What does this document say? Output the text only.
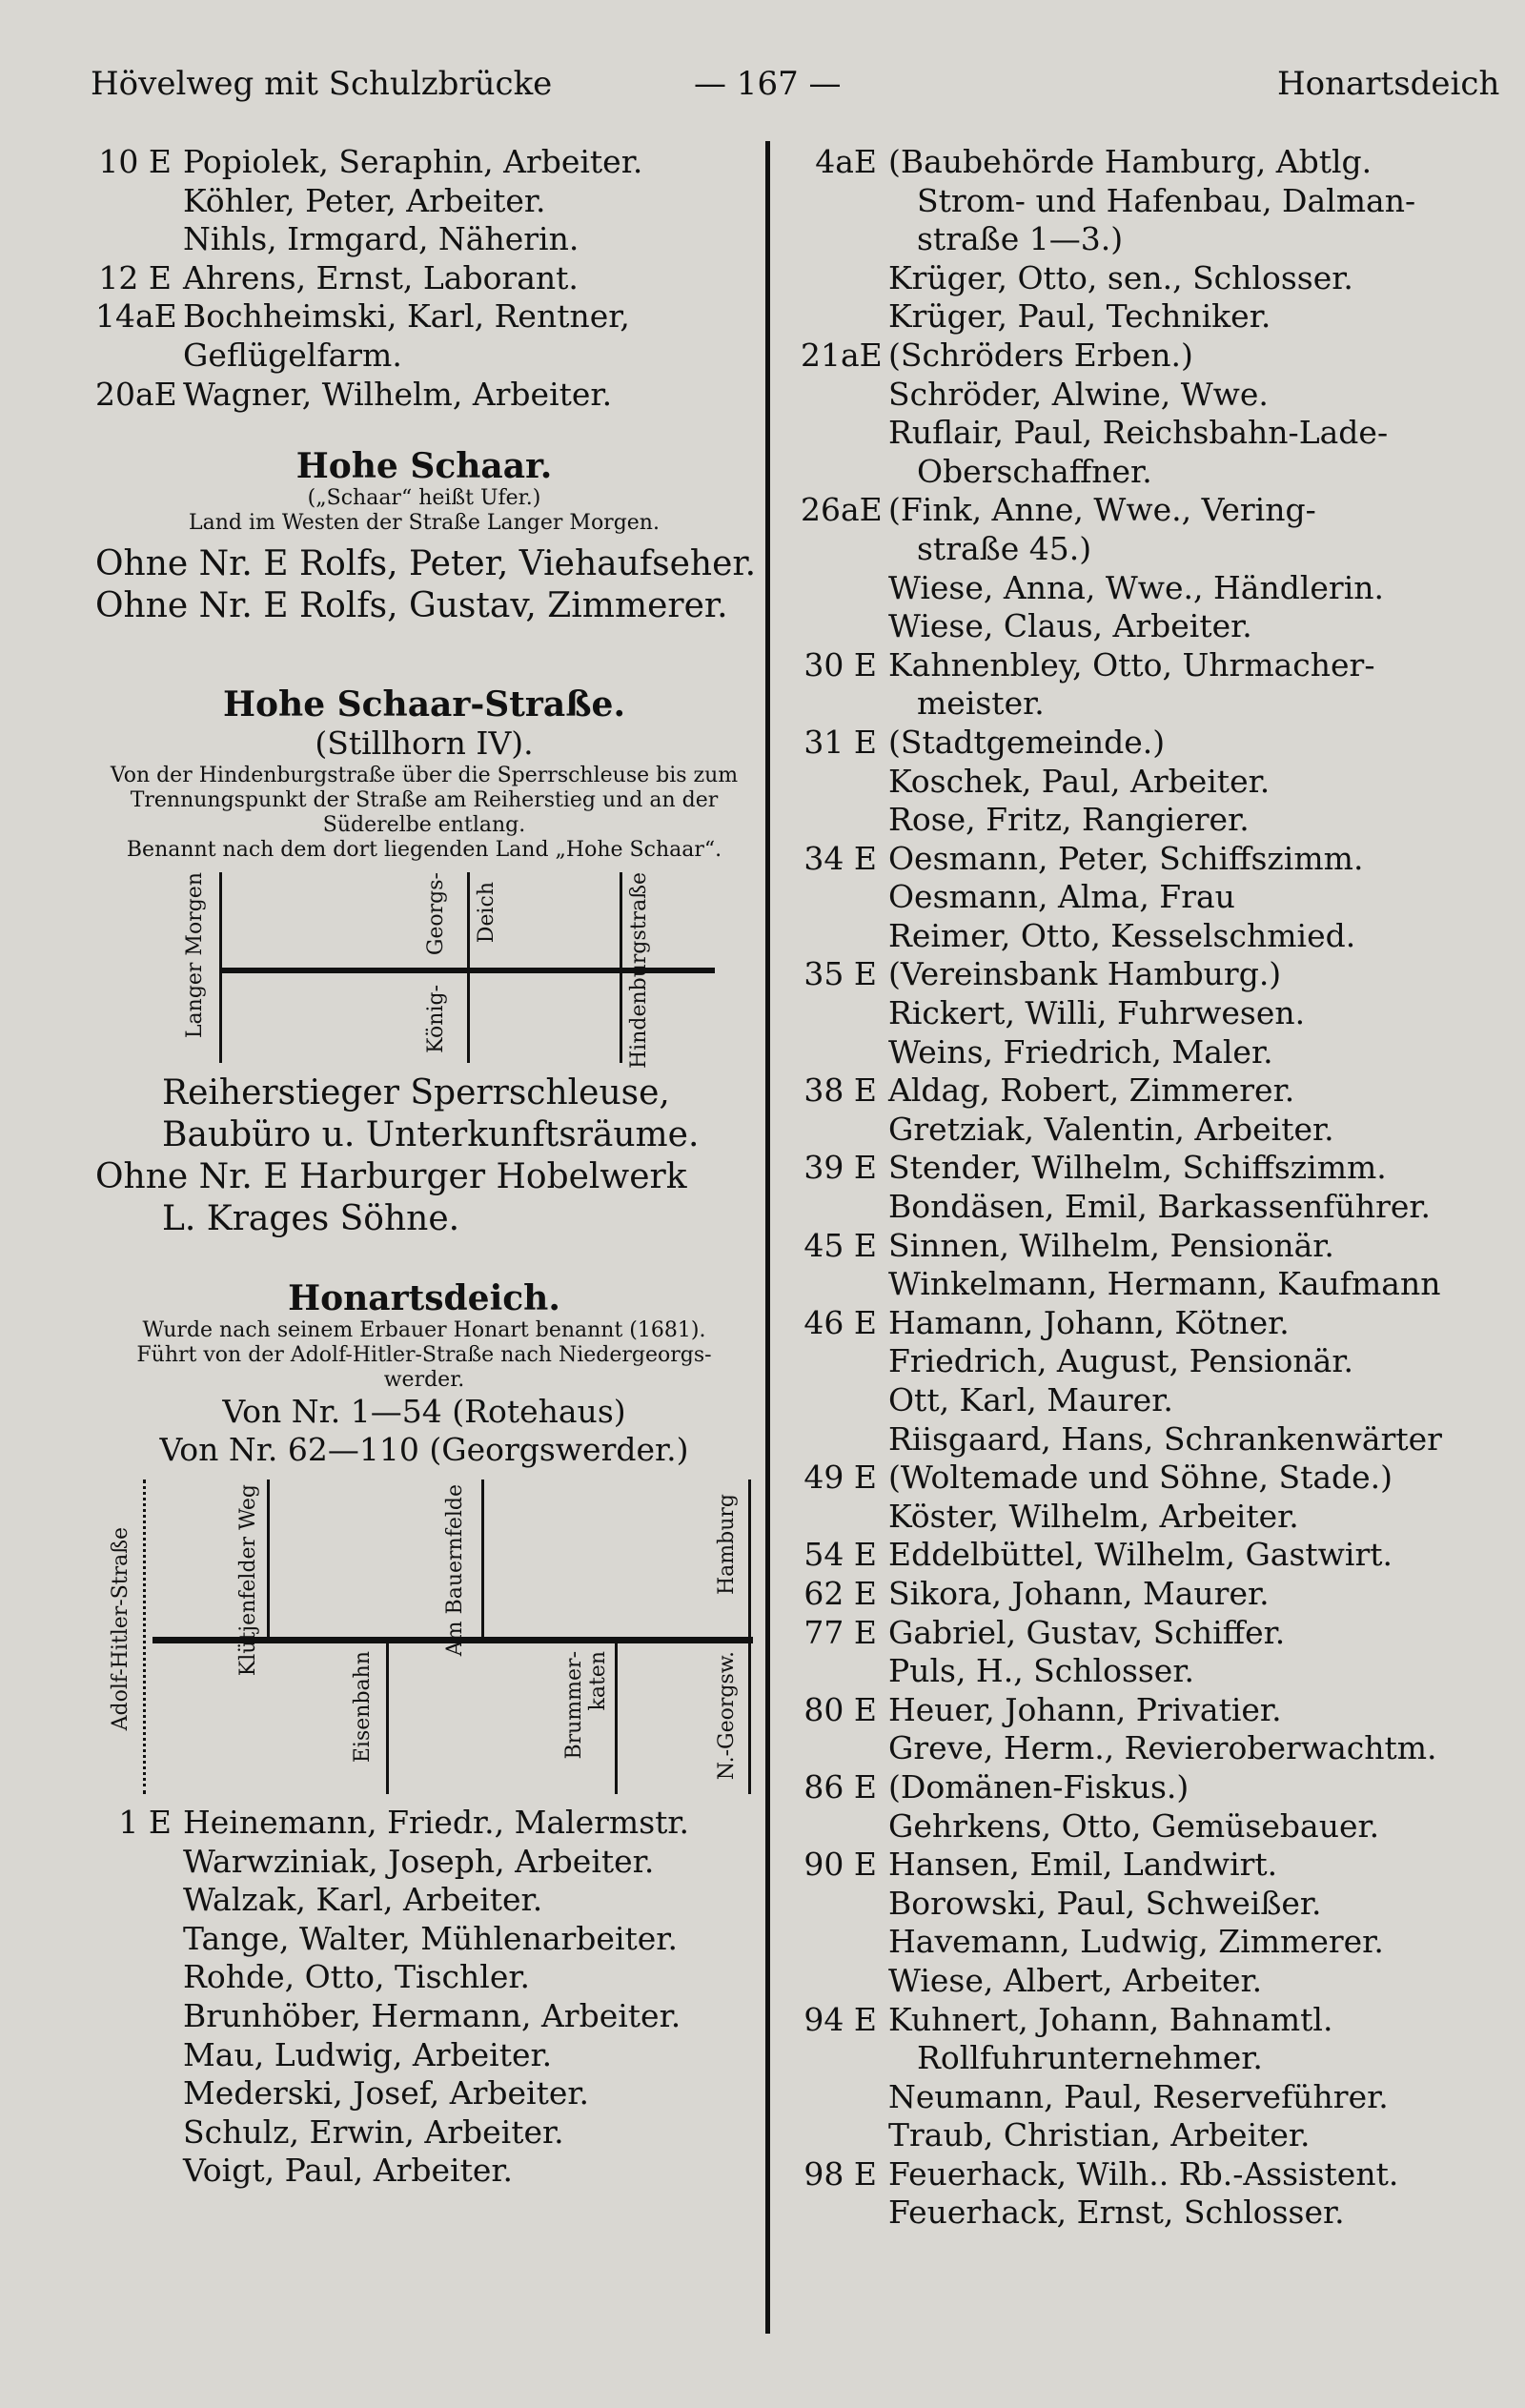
Hövelweg mit Schulzbrücke	— 167 —	Honartsdeich
10 E Popiolek, Seraphin, Arbeiter.
Köhler, Peter, Arbeiter.
Nihls, Irmgard, Näherin.
12 E Ahrens, Ernst, Laborant.
14aE Bochheimski, Karl, Rentner,
Geflügelfarm.
20aE Wagner, Wilhelm, Arbeiter.
Hohe Schaar.
(„Schaar“ heißt Ufer.)
Land im Westen der Straße Langer Morgen.
Ohne Nr. E Rolfs, Peter, Viehaufseher.
Ohne Nr. E Rolfs, Gustav, Zimmerer.
Hohe Schaar-Straße.
(Stillhorn IV).
Von der Hindenburgstraße über die Sperrschleuse bis zum
Trennungspunkt der Straße am Reiherstieg und an der
Süderelbe entlang.
Benannt nach dem dort liegenden Land „Hohe Schaar“.
Langer Morgen	Georgs- Deich
König-	Hindenburgstraße
Reiherstieger Sperrschleuse,
Baubüro u. Unterkunftsräume.
Ohne Nr. E Harburger Hobelwerk
L. Krages Söhne.
Honartsdeich.
Wurde nach seinem Erbauer Honart benannt (1681).
Führt von der Adolf-Hitler-Straße nach Niedergeorgs-
werder.
Von Nr. 1—54 (Rotehaus)
Von Nr. 62—110 (Georgswerder.)
Adolf-Hitler-Straße	Klütjenfelder Weg	Am Bauernfelde	Hamburg
Eisenbahn	Brummer- katen	N.-Georgsw.
1 E Heinemann, Friedr., Malermstr.
Warwziniak, Joseph, Arbeiter.
Walzak, Karl, Arbeiter.
Tange, Walter, Mühlenarbeiter.
Rohde, Otto, Tischler.
Brunhöber, Hermann, Arbeiter.
Mau, Ludwig, Arbeiter.
Mederski, Josef, Arbeiter.
Schulz, Erwin, Arbeiter.
Voigt, Paul, Arbeiter.
4aE (Baubehörde Hamburg, Abtlg.
Strom- und Hafenbau, Dalman-
straße 1—3.)
Krüger, Otto, sen., Schlosser.
Krüger, Paul, Techniker.
21aE (Schröders Erben.)
Schröder, Alwine, Wwe.
Ruflair, Paul, Reichsbahn-Lade-
Oberschaffner.
26aE (Fink, Anne, Wwe., Vering-
straße 45.)
Wiese, Anna, Wwe., Händlerin.
Wiese, Claus, Arbeiter.
30 E Kahnenbley, Otto, Uhrmacher-
meister.
31 E (Stadtgemeinde.)
Koschek, Paul, Arbeiter.
Rose, Fritz, Rangierer.
34 E Oesmann, Peter, Schiffszimm.
Oesmann, Alma, Frau
Reimer, Otto, Kesselschmied.
35 E (Vereinsbank Hamburg.)
Rickert, Willi, Fuhrwesen.
Weins, Friedrich, Maler.
38 E Aldag, Robert, Zimmerer.
Gretziak, Valentin, Arbeiter.
39 E Stender, Wilhelm, Schiffszimm.
Bondäsen, Emil, Barkassenführer.
45 E Sinnen, Wilhelm, Pensionär.
Winkelmann, Hermann, Kaufmann
46 E Hamann, Johann, Kötner.
Friedrich, August, Pensionär.
Ott, Karl, Maurer.
Riisgaard, Hans, Schrankenwärter
49 E (Woltemade und Söhne, Stade.)
Köster, Wilhelm, Arbeiter.
54 E Eddelbüttel, Wilhelm, Gastwirt.
62 E Sikora, Johann, Maurer.
77 E Gabriel, Gustav, Schiffer.
Puls, H., Schlosser.
80 E Heuer, Johann, Privatier.
Greve, Herm., Revieroberwachtm.
86 E (Domänen-Fiskus.)
Gehrkens, Otto, Gemüsebauer.
90 E Hansen, Emil, Landwirt.
Borowski, Paul, Schweißer.
Havemann, Ludwig, Zimmerer.
Wiese, Albert, Arbeiter.
94 E Kuhnert, Johann, Bahnamtl.
Rollfuhrunternehmer.
Neumann, Paul, Reserveführer.
Traub, Christian, Arbeiter.
98 E Feuerhack, Wilh.. Rb.-Assistent.
Feuerhack, Ernst, Schlosser.
